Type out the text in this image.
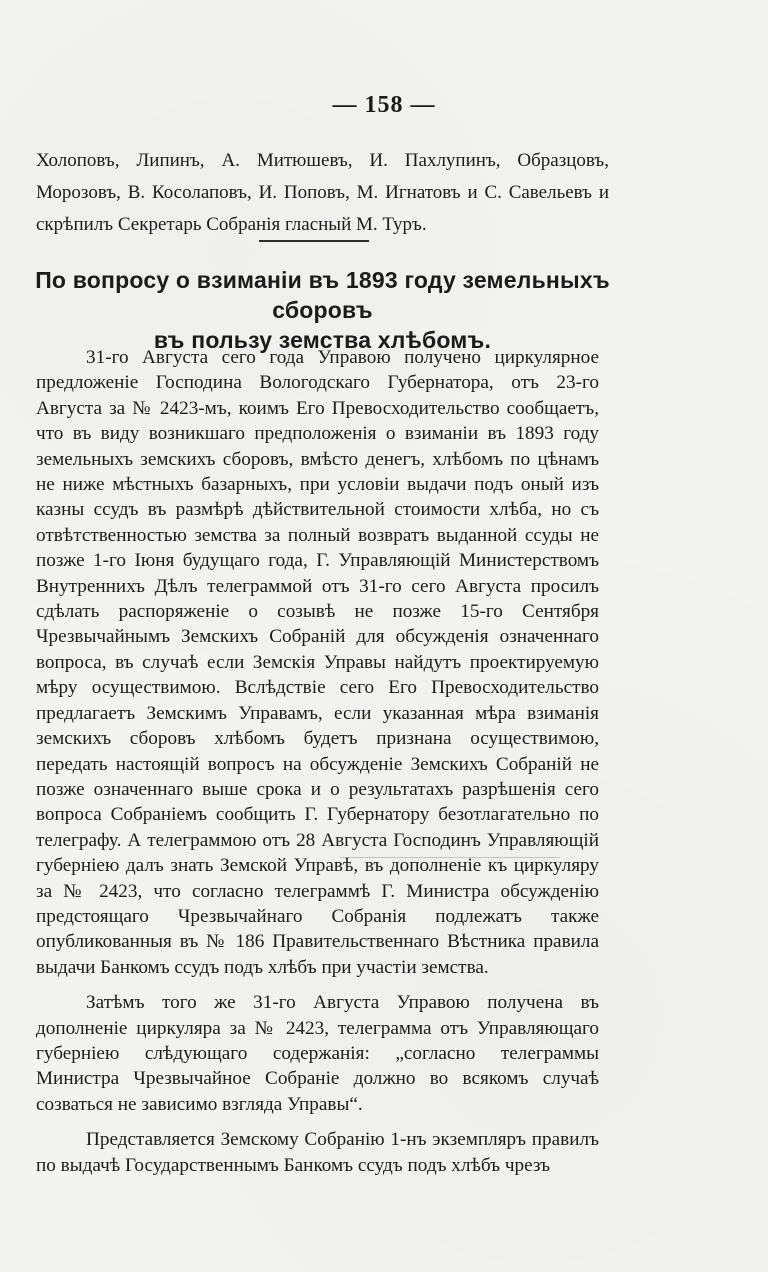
— 158 —
Холоповъ, Липинъ, А. Митюшевъ, И. Пахлупинъ, Образцовъ, Морозовъ, В. Косолаповъ, И. Поповъ, М. Игнатовъ и С. Савельевъ и скрѣпилъ Секретарь Собранія гласный М. Туръ.
По вопросу о взиманіи въ 1893 году земельныхъ сборовъ
въ пользу земства хлѣбомъ.

31-го Августа сего года Управою получено циркулярное предложеніе Господина Вологодскаго Губернатора, отъ 23-го Августа за № 2423-мъ, коимъ Его Превосходительство сообщаетъ, что въ виду возникшаго предположенія о взиманіи въ 1893 году земельныхъ земскихъ сборовъ, вмѣсто денегъ, хлѣбомъ по цѣнамъ не ниже мѣстныхъ базарныхъ, при условіи выдачи подъ оный изъ казны ссудъ въ размѣрѣ дѣйствительной стоимости хлѣба, но съ отвѣтственностью земства за полный возвратъ выданной ссуды не позже 1-го Іюня будущаго года, Г. Управляющій Министерствомъ Внутреннихъ Дѣлъ телеграммой отъ 31-го сего Августа просилъ сдѣлать распоряженіе о созывѣ не позже 15-го Сентября Чрезвычайнымъ Земскихъ Собраній для обсужденія означеннаго вопроса, въ случаѣ если Земскія Управы найдутъ проектируемую мѣру осуществимою. Вслѣдствіе сего Его Превосходительство предлагаетъ Земскимъ Управамъ, если указанная мѣра взиманія земскихъ сборовъ хлѣбомъ будетъ признана осуществимою, передать настоящій вопросъ на обсужденіе Земскихъ Собраній не позже означеннаго выше срока и о результатахъ разрѣшенія сего вопроса Собраніемъ сообщить Г. Губернатору безотлагательно по телеграфу. А телеграммою отъ 28 Августа Господинъ Управляющій губерніею далъ знать Земской Управѣ, въ дополненіе къ циркуляру за № 2423, что согласно телеграммѣ Г. Министра обсужденію предстоящаго Чрезвычайнаго Собранія подлежатъ также опубликованныя въ № 186 Правительственнаго Вѣстника правила выдачи Банкомъ ссудъ подъ хлѣбъ при участіи земства.

Затѣмъ того же 31-го Августа Управою получена въ дополненіе циркуляра за № 2423, телеграмма отъ Управляющаго губерніею слѣдующаго содержанія: „согласно телеграммы Министра Чрезвычайное Собраніе должно во всякомъ случаѣ созваться не зависимо взгляда Управы“.

Представляется Земскому Собранію 1-нъ экземпляръ правилъ по выдачѣ Государственнымъ Банкомъ ссудъ подъ хлѣбъ чрезъ
